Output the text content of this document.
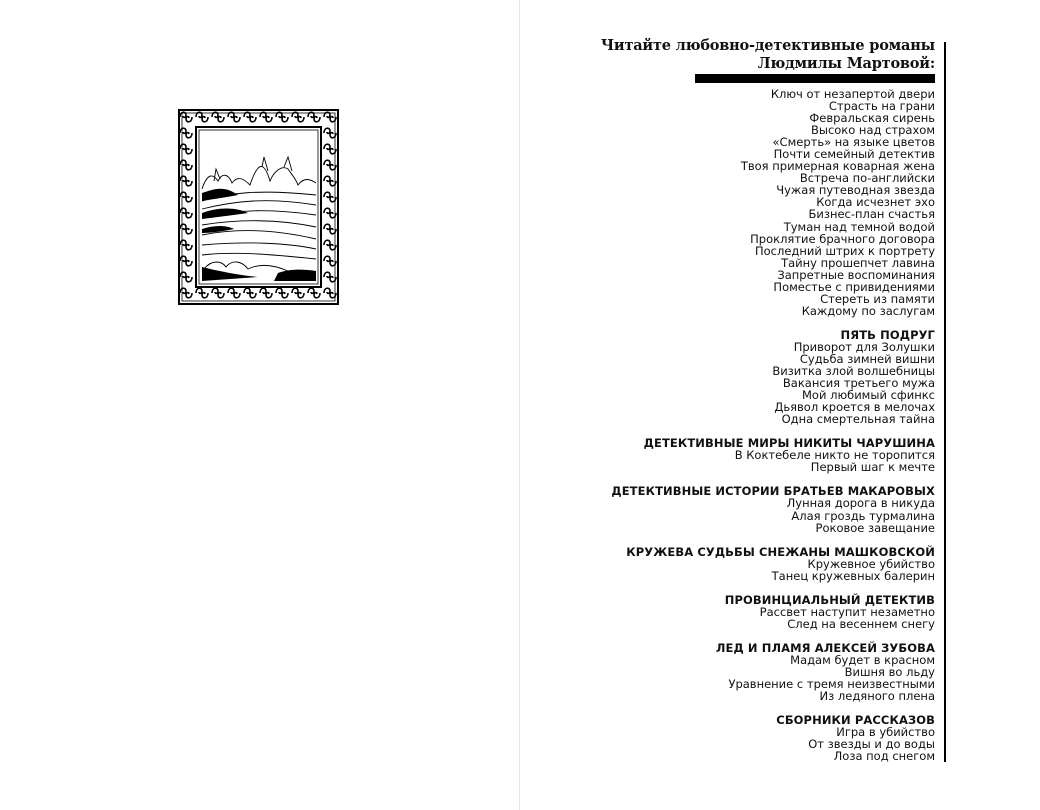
Читайте любовно-детективные романы
Людмилы Мартовой:
Ключ от незапертой двери
Страсть на грани
Февральская сирень
Высоко над страхом
«Смерть» на языке цветов
Почти семейный детектив
Твоя примерная коварная жена
Встреча по-английски
Чужая путеводная звезда
Когда исчезнет эхо
Бизнес-план счастья
Туман над темной водой
Проклятие брачного договора
Последний штрих к портрету
Тайну прошепчет лавина
Запретные воспоминания
Поместье с привидениями
Стереть из памяти
Каждому по заслугам
ПЯТЬ ПОДРУГ
Приворот для Золушки
Судьба зимней вишни
Визитка злой волшебницы
Вакансия третьего мужа
Мой любимый сфинкс
Дьявол кроется в мелочах
Одна смертельная тайна
ДЕТЕКТИВНЫЕ МИРЫ НИКИТЫ ЧАРУШИНА
В Коктебеле никто не торопится
Первый шаг к мечте
ДЕТЕКТИВНЫЕ ИСТОРИИ БРАТЬЕВ МАКАРОВЫХ
Лунная дорога в никуда
Алая гроздь турмалина
Роковое завещание
КРУЖЕВА СУДЬБЫ СНЕЖАНЫ МАШКОВСКОЙ
Кружевное убийство
Танец кружевных балерин
ПРОВИНЦИАЛЬНЫЙ ДЕТЕКТИВ
Рассвет наступит незаметно
След на весеннем снегу
ЛЕД И ПЛАМЯ АЛЕКСЕЙ ЗУБОВА
Мадам будет в красном
Вишня во льду
Уравнение с тремя неизвестными
Из ледяного плена
СБОРНИКИ РАССКАЗОВ
Игра в убийство
От звезды и до воды
Лоза под снегом
